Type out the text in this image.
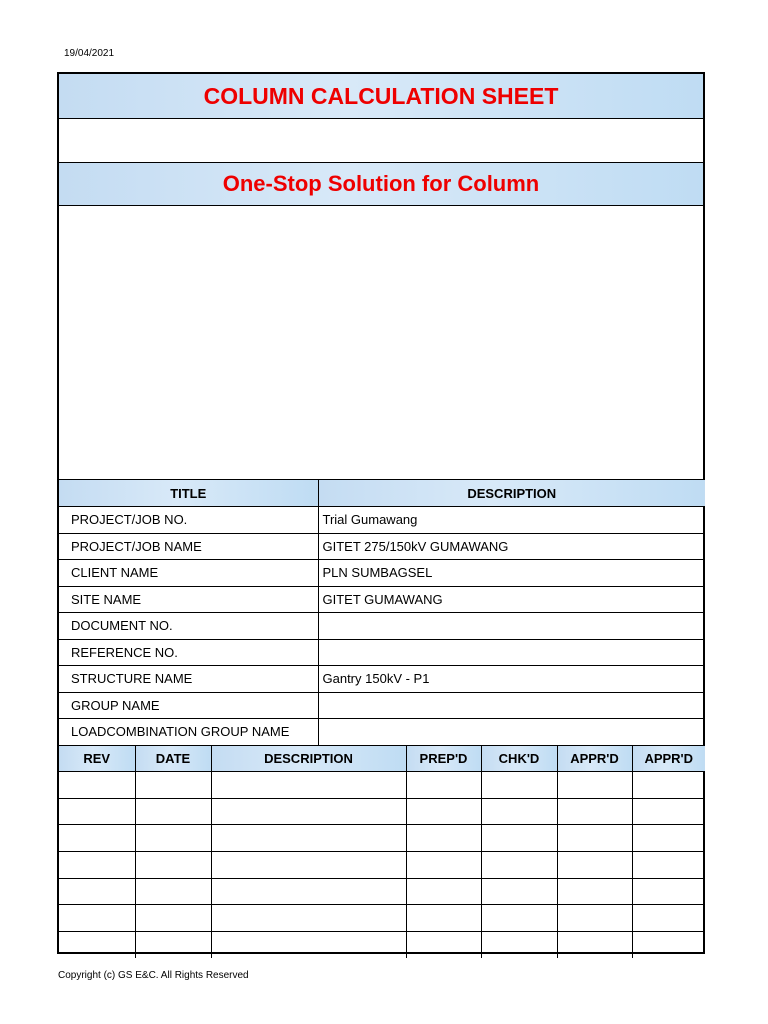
19/04/2021
COLUMN CALCULATION SHEET
One-Stop Solution for Column
TITLE	DESCRIPTION
PROJECT/JOB NO.	Trial Gumawang
PROJECT/JOB NAME	GITET 275/150kV GUMAWANG
CLIENT NAME	PLN SUMBAGSEL
SITE NAME	GITET GUMAWANG
DOCUMENT NO.	
REFERENCE NO.	
STRUCTURE NAME	Gantry 150kV - P1
GROUP NAME	
LOADCOMBINATION GROUP NAME	
REV	DATE	DESCRIPTION	PREP'D	CHK'D	APPR'D	APPR'D

Copyright (c) GS E&C. All Rights Reserved
